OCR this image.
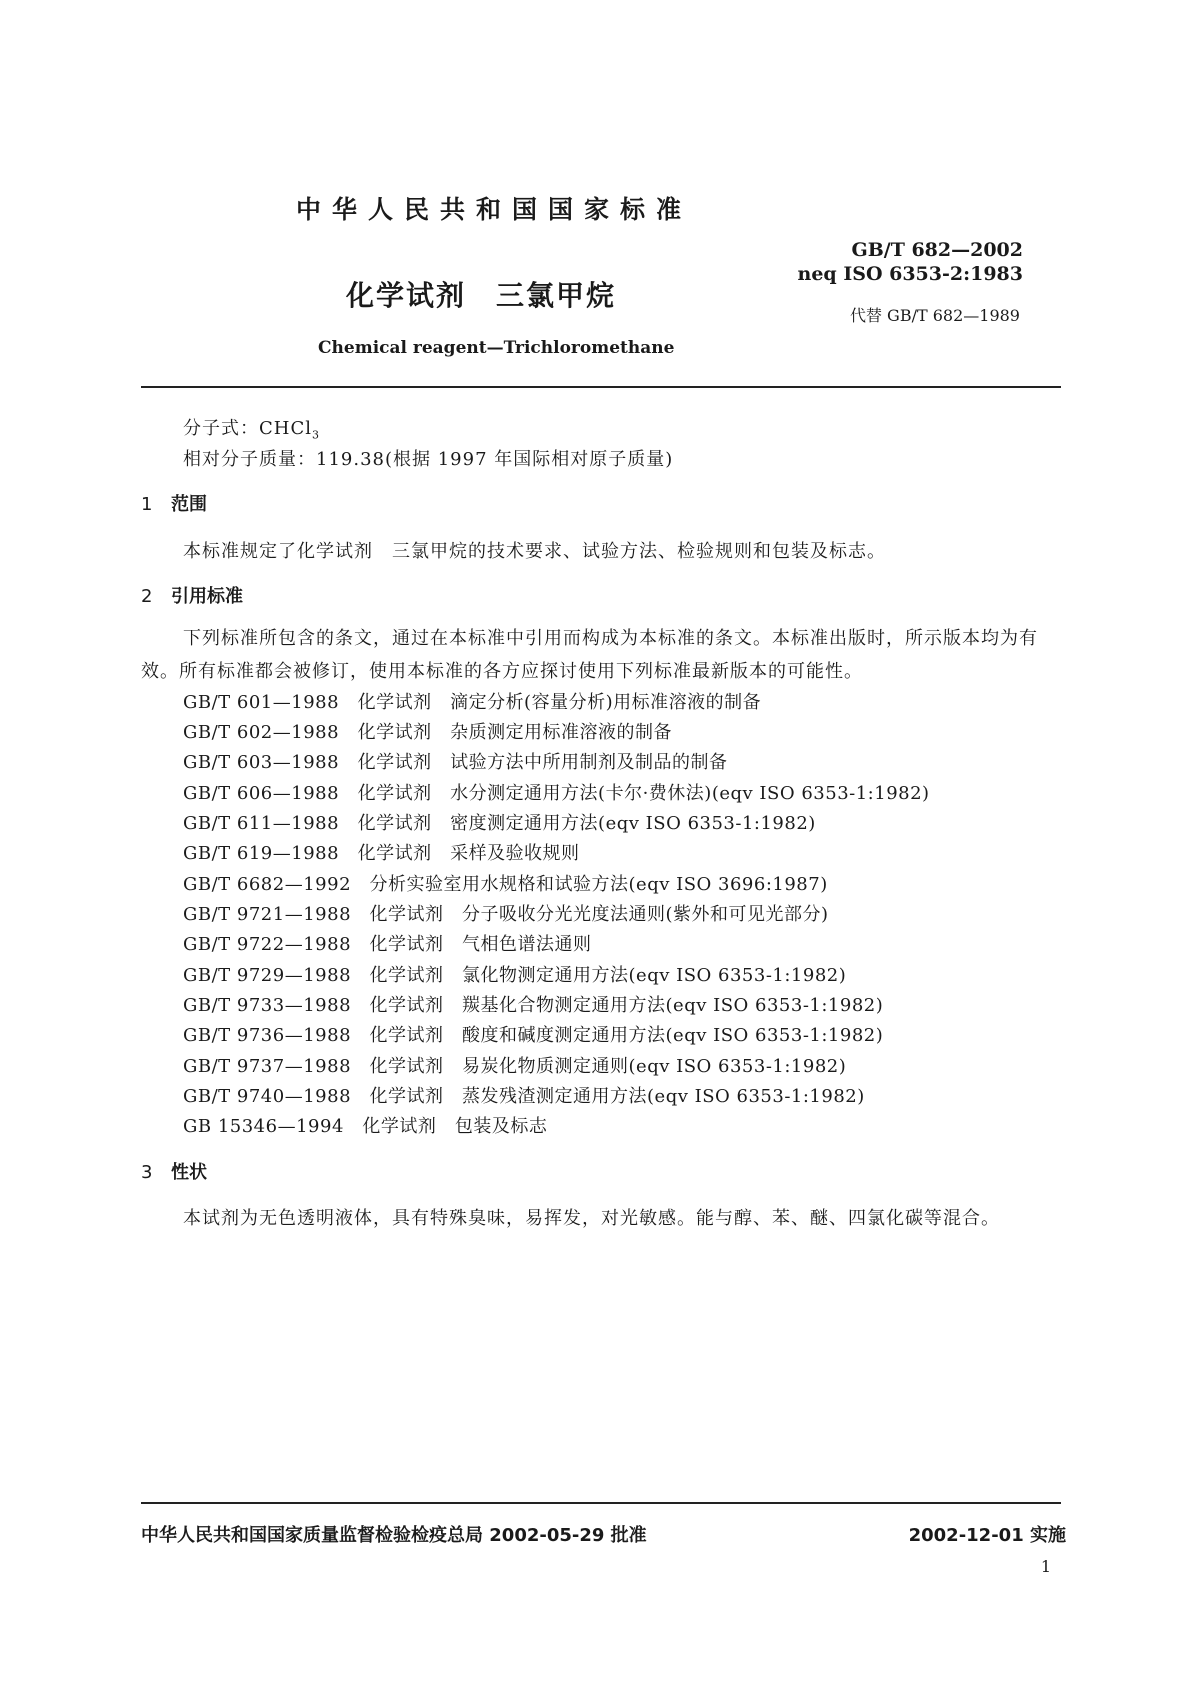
中华人民共和国国家标准
GB/T 682—2002
neq ISO 6353-2:1983
代替 GB/T 682—1989
化学试剂　三氯甲烷
Chemical reagent—Trichloromethane
分子式：CHCl$_3$
相对分子质量：119.38(根据 1997 年国际相对原子质量)
1 范围
本标准规定了化学试剂　三氯甲烷的技术要求、试验方法、检验规则和包装及标志。
2 引用标准
下列标准所包含的条文，通过在本标准中引用而构成为本标准的条文。本标准出版时，所示版本均为有效。所有标准都会被修订，使用本标准的各方应探讨使用下列标准最新版本的可能性。
GB/T 601—1988　化学试剂　滴定分析(容量分析)用标准溶液的制备
GB/T 602—1988　化学试剂　杂质测定用标准溶液的制备
GB/T 603—1988　化学试剂　试验方法中所用制剂及制品的制备
GB/T 606—1988　化学试剂　水分测定通用方法(卡尔·费休法)(eqv ISO 6353-1:1982)
GB/T 611—1988　化学试剂　密度测定通用方法(eqv ISO 6353-1:1982)
GB/T 619—1988　化学试剂　采样及验收规则
GB/T 6682—1992　分析实验室用水规格和试验方法(eqv ISO 3696:1987)
GB/T 9721—1988　化学试剂　分子吸收分光光度法通则(紫外和可见光部分)
GB/T 9722—1988　化学试剂　气相色谱法通则
GB/T 9729—1988　化学试剂　氯化物测定通用方法(eqv ISO 6353-1:1982)
GB/T 9733—1988　化学试剂　羰基化合物测定通用方法(eqv ISO 6353-1:1982)
GB/T 9736—1988　化学试剂　酸度和碱度测定通用方法(eqv ISO 6353-1:1982)
GB/T 9737—1988　化学试剂　易炭化物质测定通则(eqv ISO 6353-1:1982)
GB/T 9740—1988　化学试剂　蒸发残渣测定通用方法(eqv ISO 6353-1:1982)
GB 15346—1994　化学试剂　包装及标志
3 性状
本试剂为无色透明液体，具有特殊臭味，易挥发，对光敏感。能与醇、苯、醚、四氯化碳等混合。
中华人民共和国国家质量监督检验检疫总局 2002-05-29 批准	2002-12-01 实施
1
